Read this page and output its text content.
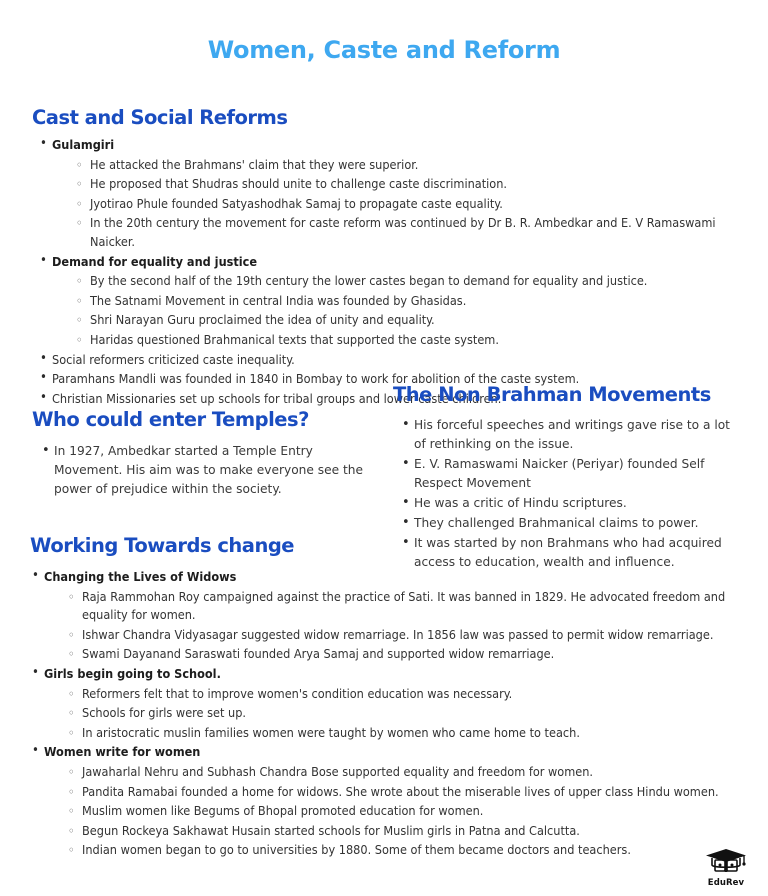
Women, Caste and Reform
Cast and Social Reforms
• Gulamgiri
◦ He attacked the Brahmans' claim that they were superior.
◦ He proposed that Shudras should unite to challenge caste discrimination.
◦ Jyotirao Phule founded Satyashodhak Samaj to propagate caste equality.
◦ In the 20th century the movement for caste reform was continued by Dr B. R. Ambedkar and E. V Ramaswami Naicker.
• Demand for equality and justice
◦ By the second half of the 19th century the lower castes began to demand for equality and justice.
◦ The Satnami Movement in central India was founded by Ghasidas.
◦ Shri Narayan Guru proclaimed the idea of unity and equality.
◦ Haridas questioned Brahmanical texts that supported the caste system.
• Social reformers criticized caste inequality.
• Paramhans Mandli was founded in 1840 in Bombay to work for abolition of the caste system.
• Christian Missionaries set up schools for tribal groups and lower caste children.
Who could enter Temples?
• In 1927, Ambedkar started a Temple Entry Movement. His aim was to make everyone see the power of prejudice within the society.
The Non Brahman Movements
• His forceful speeches and writings gave rise to a lot of rethinking on the issue.
• E. V. Ramaswami Naicker (Periyar) founded Self Respect Movement
• He was a critic of Hindu scriptures.
• They challenged Brahmanical claims to power.
• It was started by non Brahmans who had acquired access to education, wealth and influence.
Working Towards change
• Changing the Lives of Widows
◦ Raja Rammohan Roy campaigned against the practice of Sati. It was banned in 1829. He advocated freedom and equality for women.
◦ Ishwar Chandra Vidyasagar suggested widow remarriage. In 1856 law was passed to permit widow remarriage.
◦ Swami Dayanand Saraswati founded Arya Samaj and supported widow remarriage.
• Girls begin going to School.
◦ Reformers felt that to improve women's condition education was necessary.
◦ Schools for girls were set up.
◦ In aristocratic muslin families women were taught by women who came home to teach.
• Women write for women
◦ Jawaharlal Nehru and Subhash Chandra Bose supported equality and freedom for women.
◦ Pandita Ramabai founded a home for widows. She wrote about the miserable lives of upper class Hindu women.
◦ Muslim women like Begums of Bhopal promoted education for women.
◦ Begun Rockeya Sakhawat Husain started schools for Muslim girls in Patna and Calcutta.
◦ Indian women began to go to universities by 1880. Some of them became doctors and teachers.
EduRev
